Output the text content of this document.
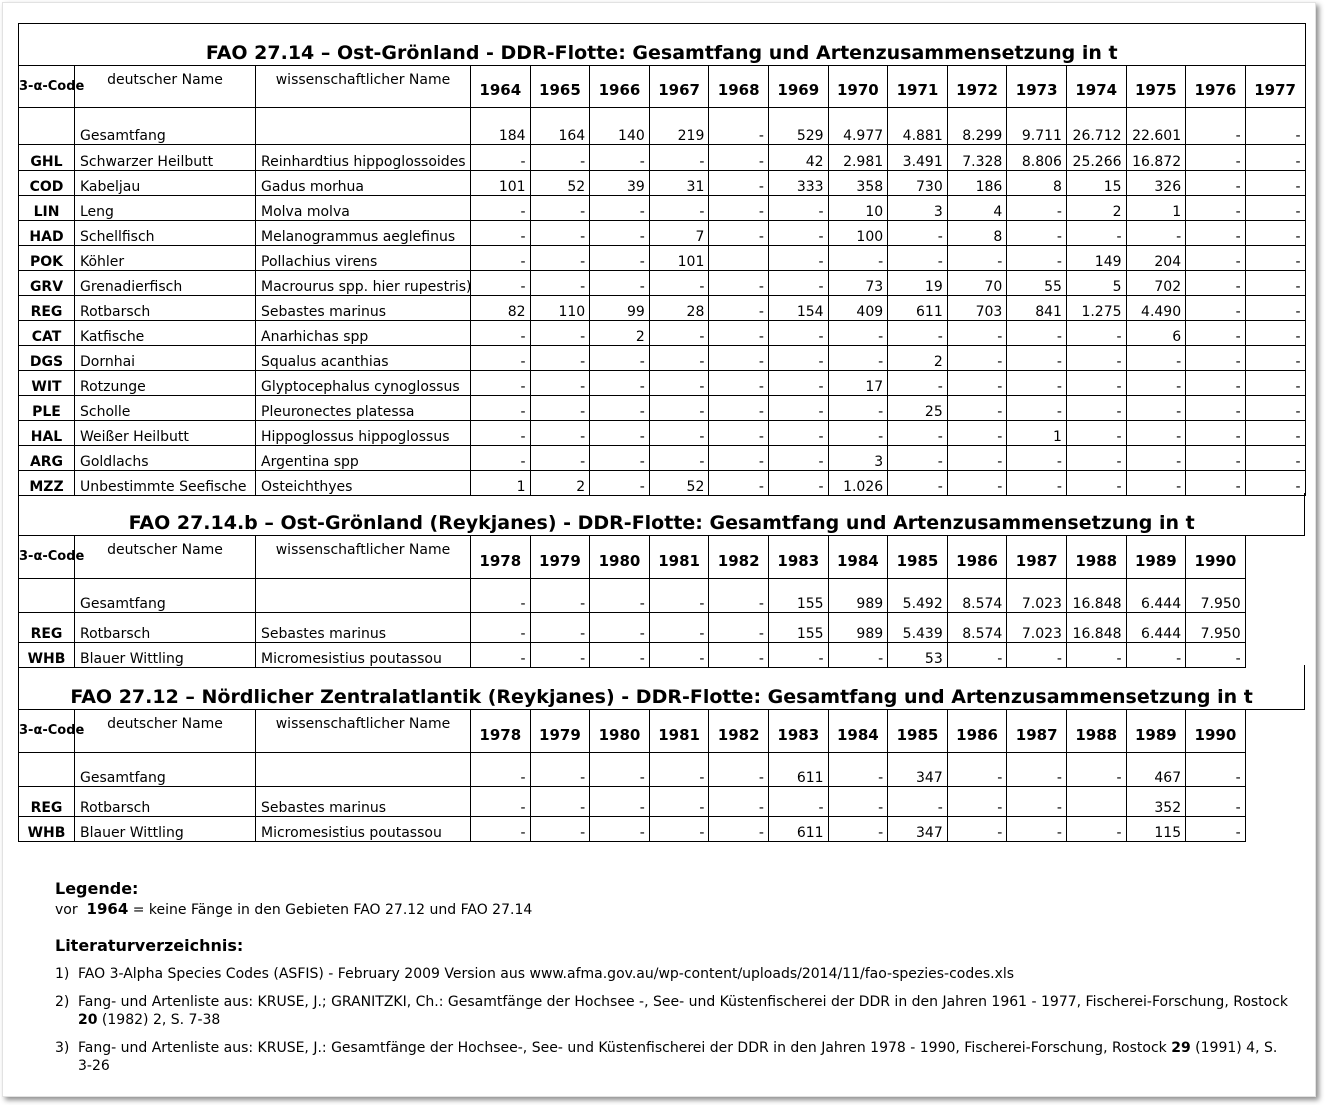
FAO 27.14 – Ost-Grönland - DDR-Flotte: Gesamtfang und Artenzusammensetzung in t																
3-α-Code	deutscher Name	wissenschaftlicher Name	1964	1965	1966	1967	1968	1969	1970	1971	1972	1973	1974	1975	1976	1977
	Gesamtfang		184	164	140	219	-	529	4.977	4.881	8.299	9.711	26.712	22.601	-	-
GHL	Schwarzer Heilbutt	Reinhardtius hippoglossoides	-	-	-	-	-	42	2.981	3.491	7.328	8.806	25.266	16.872	-	-
COD	Kabeljau	Gadus morhua	101	52	39	31	-	333	358	730	186	8	15	326	-	-
LIN	Leng	Molva molva	-	-	-	-	-	-	10	3	4	-	2	1	-	-
HAD	Schellfisch	Melanogrammus aeglefinus	-	-	-	7	-	-	100	-	8	-	-	-	-	-
POK	Köhler	Pollachius virens	-	-	-	101		-	-	-	-	-	149	204	-	-
GRV	Grenadierfisch	Macrourus spp. hier rupestris)	-	-	-	-	-	-	73	19	70	55	5	702	-	-
REG	Rotbarsch	Sebastes marinus	82	110	99	28	-	154	409	611	703	841	1.275	4.490	-	-
CAT	Katfische	Anarhichas spp	-	-	2	-	-	-	-	-	-	-	-	6	-	-
DGS	Dornhai	Squalus acanthias	-	-	-	-	-	-	-	2	-	-	-	-	-	-
WIT	Rotzunge	Glyptocephalus cynoglossus	-	-	-	-	-	-	17	-	-	-	-	-	-	-
PLE	Scholle	Pleuronectes platessa	-	-	-	-	-	-	-	25	-	-	-	-	-	-
HAL	Weißer Heilbutt	Hippoglossus hippoglossus	-	-	-	-	-	-	-	-	-	1	-	-	-	-
ARG	Goldlachs	Argentina spp	-	-	-	-	-	-	3	-	-	-	-	-	-	-
MZZ	Unbestimmte Seefische	Osteichthyes	1	2	-	52	-	-	1.026	-	-	-	-	-	-	-
FAO 27.14.b – Ost-Grönland (Reykjanes) - DDR-Flotte: Gesamtfang und Artenzusammensetzung in t																
3-α-Code	deutscher Name	wissenschaftlicher Name	1978	1979	1980	1981	1982	1983	1984	1985	1986	1987	1988	1989	1990	
	Gesamtfang		-	-	-	-	-	155	989	5.492	8.574	7.023	16.848	6.444	7.950	
REG	Rotbarsch	Sebastes marinus	-	-	-	-	-	155	989	5.439	8.574	7.023	16.848	6.444	7.950	
WHB	Blauer Wittling	Micromesistius poutassou	-	-	-	-	-	-	-	53	-	-	-	-	-	
FAO 27.12 – Nördlicher Zentralatlantik (Reykjanes) - DDR-Flotte: Gesamtfang und Artenzusammensetzung in t																
3-α-Code	deutscher Name	wissenschaftlicher Name	1978	1979	1980	1981	1982	1983	1984	1985	1986	1987	1988	1989	1990	
	Gesamtfang		-	-	-	-	-	611	-	347	-	-	-	467	-	
REG	Rotbarsch	Sebastes marinus	-	-	-	-	-	-	-	-	-	-		352	-	
WHB	Blauer Wittling	Micromesistius poutassou	-	-	-	-	-	611	-	347	-	-	-	115	-	
Legende:
vor 1964 = keine Fänge in den Gebieten FAO 27.12 und FAO 27.14
Literaturverzeichnis:
1) FAO 3-Alpha Species Codes (ASFIS) - February 2009 Version aus www.afma.gov.au/wp-content/uploads/2014/11/fao-spezies-codes.xls
2) Fang- und Artenliste aus: KRUSE, J.; GRANITZKI, Ch.: Gesamtfänge der Hochsee -, See- und Küstenfischerei der DDR in den Jahren 1961 - 1977, Fischerei-Forschung, Rostock 20 (1982) 2, S. 7-38
3) Fang- und Artenliste aus: KRUSE, J.: Gesamtfänge der Hochsee-, See- und Küstenfischerei der DDR in den Jahren 1978 - 1990, Fischerei-Forschung, Rostock 29 (1991) 4, S. 3-26
